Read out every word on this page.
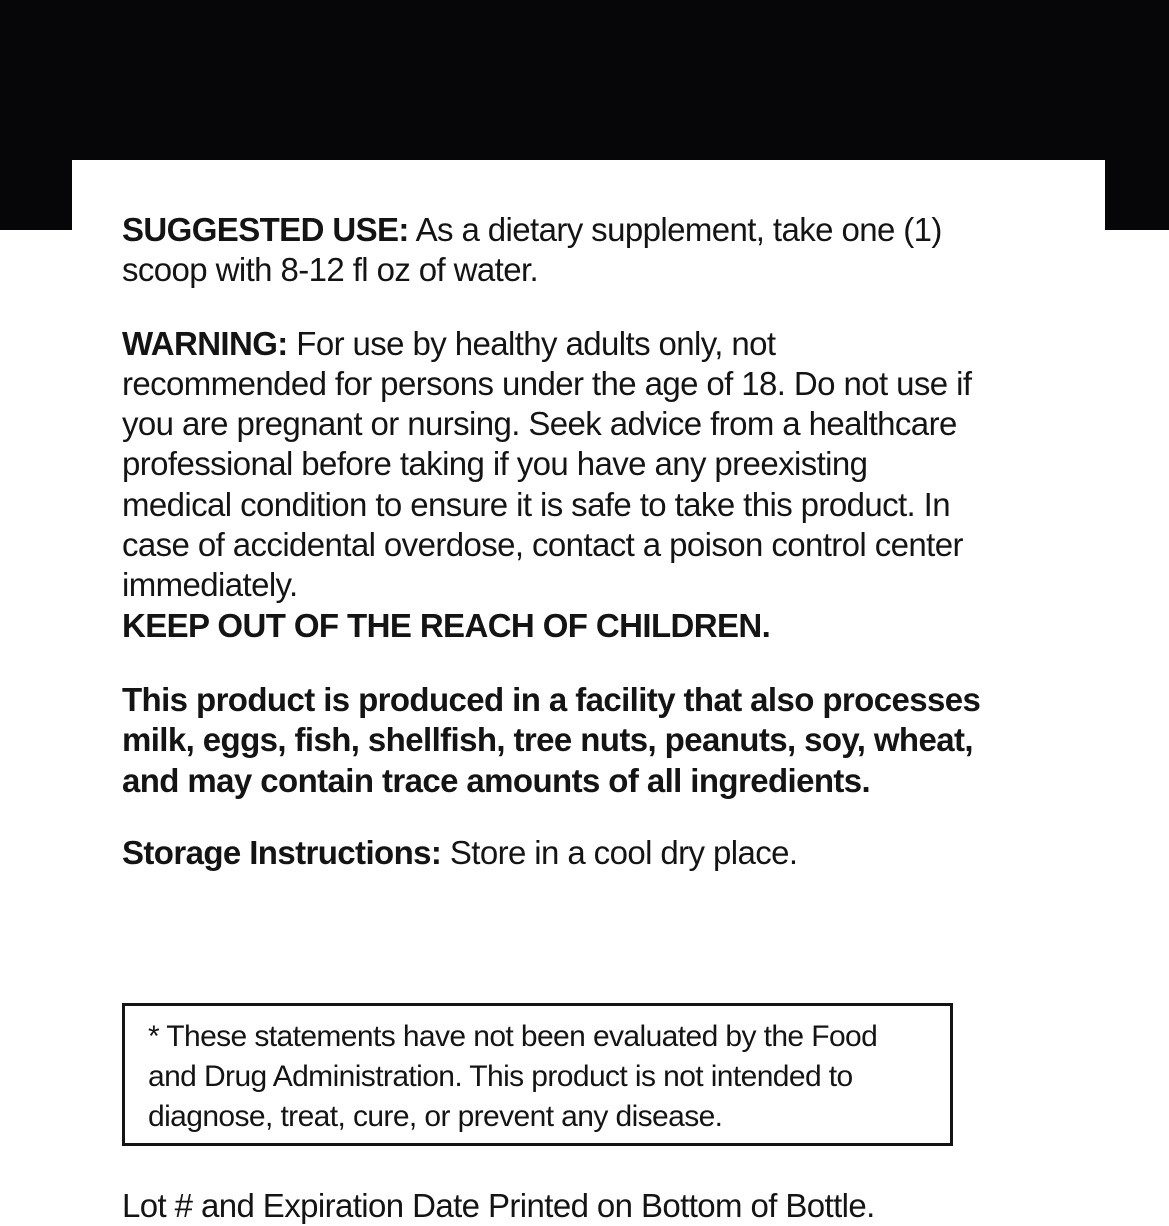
SUGGESTED USE: As a dietary supplement, take one (1) scoop with 8-12 fl oz of water.

WARNING: For use by healthy adults only, not recommended for persons under the age of 18. Do not use if you are pregnant or nursing. Seek advice from a healthcare professional before taking if you have any preexisting medical condition to ensure it is safe to take this product. In case of accidental overdose, contact a poison control center immediately.

KEEP OUT OF THE REACH OF CHILDREN.

This product is produced in a facility that also processes milk, eggs, fish, shellfish, tree nuts, peanuts, soy, wheat, and may contain trace amounts of all ingredients.

Storage Instructions: Store in a cool dry place.

* These statements have not been evaluated by the Food and Drug Administration. This product is not intended to diagnose, treat, cure, or prevent any disease.
Lot # and Expiration Date Printed on Bottom of Bottle.
